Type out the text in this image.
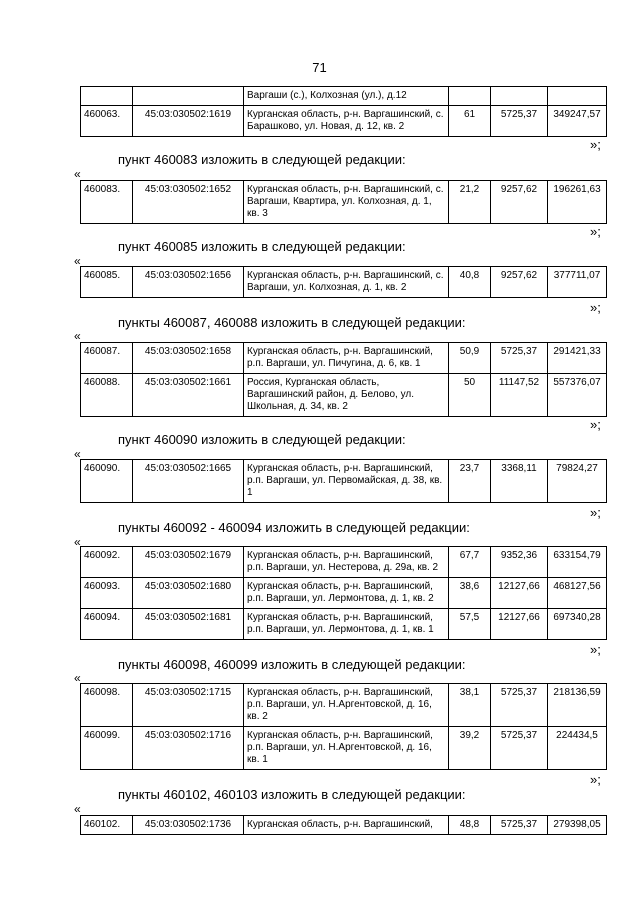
71
		Варгаши (с.), Колхозная (ул.), д.12			
460063.	45:03:030502:1619	Курганская область, р-н. Варгашинский, с. Барашково, ул. Новая, д. 12, кв. 2	61	5725,37	349247,57
»;
пункт 460083 изложить в следующей редакции:
«
460083.	45:03:030502:1652	Курганская область, р-н. Варгашинский, с. Варгаши, Квартира, ул. Колхозная, д. 1, кв. 3	21,2	9257,62	196261,63
»;
пункт 460085 изложить в следующей редакции:
«
460085.	45:03:030502:1656	Курганская область, р-н. Варгашинский, с. Варгаши, ул. Колхозная, д. 1, кв. 2	40,8	9257,62	377711,07
»;
пункты 460087, 460088 изложить в следующей редакции:
«
460087.	45:03:030502:1658	Курганская область, р-н. Варгашинский, р.п. Варгаши, ул. Пичугина, д. 6, кв. 1	50,9	5725,37	291421,33
460088.	45:03:030502:1661	Россия, Курганская область, Варгашинский район, д. Белово, ул. Школьная, д. 34, кв. 2	50	11147,52	557376,07
»;
пункт 460090 изложить в следующей редакции:
«
460090.	45:03:030502:1665	Курганская область, р-н. Варгашинский, р.п. Варгаши, ул. Первомайская, д. 38, кв. 1	23,7	3368,11	79824,27
»;
пункты 460092 - 460094 изложить в следующей редакции:
«
460092.	45:03:030502:1679	Курганская область, р-н. Варгашинский, р.п. Варгаши, ул. Нестерова, д. 29а, кв. 2	67,7	9352,36	633154,79
460093.	45:03:030502:1680	Курганская область, р-н. Варгашинский, р.п. Варгаши, ул. Лермонтова, д. 1, кв. 2	38,6	12127,66	468127,56
460094.	45:03:030502:1681	Курганская область, р-н. Варгашинский, р.п. Варгаши, ул. Лермонтова, д. 1, кв. 1	57,5	12127,66	697340,28
»;
пункты 460098, 460099 изложить в следующей редакции:
«
460098.	45:03:030502:1715	Курганская область, р-н. Варгашинский, р.п. Варгаши, ул. Н.Аргентовской, д. 16, кв. 2	38,1	5725,37	218136,59
460099.	45:03:030502:1716	Курганская область, р-н. Варгашинский, р.п. Варгаши, ул. Н.Аргентовской, д. 16, кв. 1	39,2	5725,37	224434,5
»;
пункты 460102, 460103 изложить в следующей редакции:
«
460102.	45:03:030502:1736	Курганская область, р-н. Варгашинский,	48,8	5725,37	279398,05
